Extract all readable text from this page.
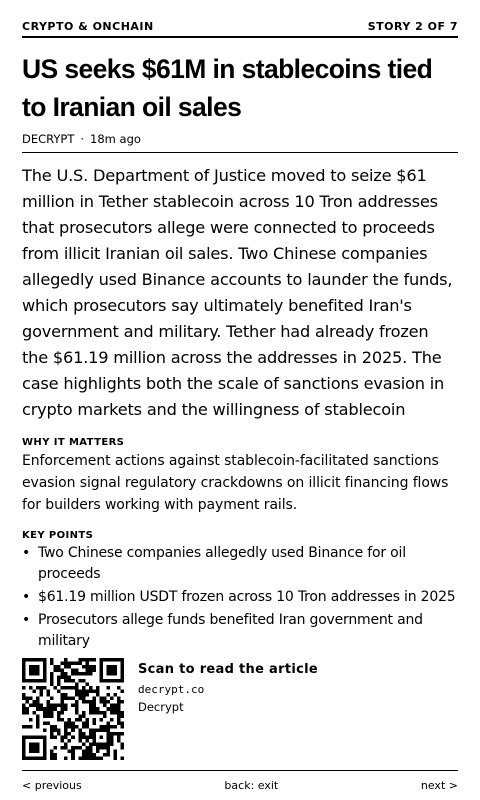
CRYPTO & ONCHAIN	STORY 2 OF 7
US seeks $61M in stablecoins tied to Iranian oil sales
DECRYPT · 18m ago
The U.S. Department of Justice moved to seize $61 million in Tether stablecoin across 10 Tron addresses that prosecutors allege were connected to proceeds from illicit Iranian oil sales. Two Chinese companies allegedly used Binance accounts to launder the funds, which prosecutors say ultimately benefited Iran's government and military. Tether had already frozen the $61.19 million across the addresses in 2025. The case highlights both the scale of sanctions evasion in crypto markets and the willingness of stablecoin
WHY IT MATTERS
Enforcement actions against stablecoin-facilitated sanctions evasion signal regulatory crackdowns on illicit financing flows for builders working with payment rails.
KEY POINTS
• Two Chinese companies allegedly used Binance for oil proceeds
• $61.19 million USDT frozen across 10 Tron addresses in 2025
• Prosecutors allege funds benefited Iran government and military
Scan to read the article
decrypt.co
Decrypt
< previous	back: exit	next >
